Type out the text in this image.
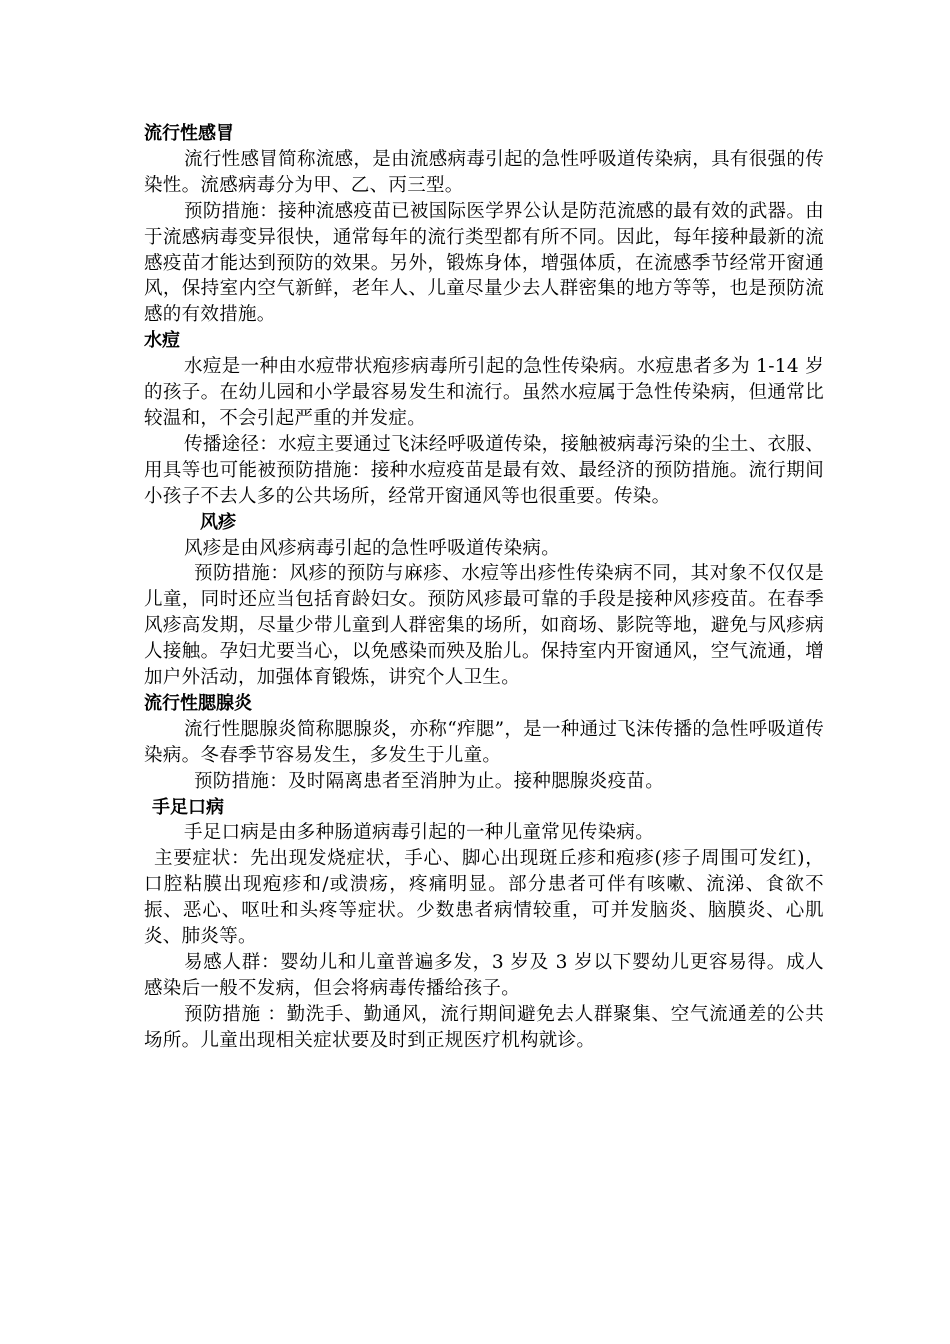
流行性感冒

流行性感冒简称流感，是由流感病毒引起的急性呼吸道传染病，具有很强的传染性。流感病毒分为甲、乙、丙三型。

预防措施：接种流感疫苗已被国际医学界公认是防范流感的最有效的武器。由于流感病毒变异很快，通常每年的流行类型都有所不同。因此，每年接种最新的流感疫苗才能达到预防的效果。另外，锻炼身体，增强体质，在流感季节经常开窗通风，保持室内空气新鲜，老年人、儿童尽量少去人群密集的地方等等，也是预防流感的有效措施。

水痘

水痘是一种由水痘带状疱疹病毒所引起的急性传染病。水痘患者多为 1-14 岁的孩子。在幼儿园和小学最容易发生和流行。虽然水痘属于急性传染病，但通常比较温和，不会引起严重的并发症。

传播途径：水痘主要通过飞沫经呼吸道传染，接触被病毒污染的尘土、衣服、用具等也可能被预防措施：接种水痘疫苗是最有效、最经济的预防措施。流行期间小孩子不去人多的公共场所，经常开窗通风等也很重要。传染。

风疹

风疹是由风疹病毒引起的急性呼吸道传染病。

预防措施：风疹的预防与麻疹、水痘等出疹性传染病不同，其对象不仅仅是儿童，同时还应当包括育龄妇女。预防风疹最可靠的手段是接种风疹疫苗。在春季风疹高发期，尽量少带儿童到人群密集的场所，如商场、影院等地，避免与风疹病人接触。孕妇尤要当心，以免感染而殃及胎儿。保持室内开窗通风，空气流通，增加户外活动，加强体育锻炼，讲究个人卫生。

流行性腮腺炎

流行性腮腺炎简称腮腺炎，亦称“痄腮”，是一种通过飞沫传播的急性呼吸道传染病。冬春季节容易发生，多发生于儿童。

预防措施：及时隔离患者至消肿为止。接种腮腺炎疫苗。

手足口病

手足口病是由多种肠道病毒引起的一种儿童常见传染病。

主要症状：先出现发烧症状，手心、脚心出现斑丘疹和疱疹(疹子周围可发红)，口腔粘膜出现疱疹和/或溃疡，疼痛明显。部分患者可伴有咳嗽、流涕、食欲不振、恶心、呕吐和头疼等症状。少数患者病情较重，可并发脑炎、脑膜炎、心肌炎、肺炎等。

易感人群：婴幼儿和儿童普遍多发，3 岁及 3 岁以下婴幼儿更容易得。成人感染后一般不发病，但会将病毒传播给孩子。

预防措施 ：勤洗手、勤通风，流行期间避免去人群聚集、空气流通差的公共场所。儿童出现相关症状要及时到正规医疗机构就诊。
